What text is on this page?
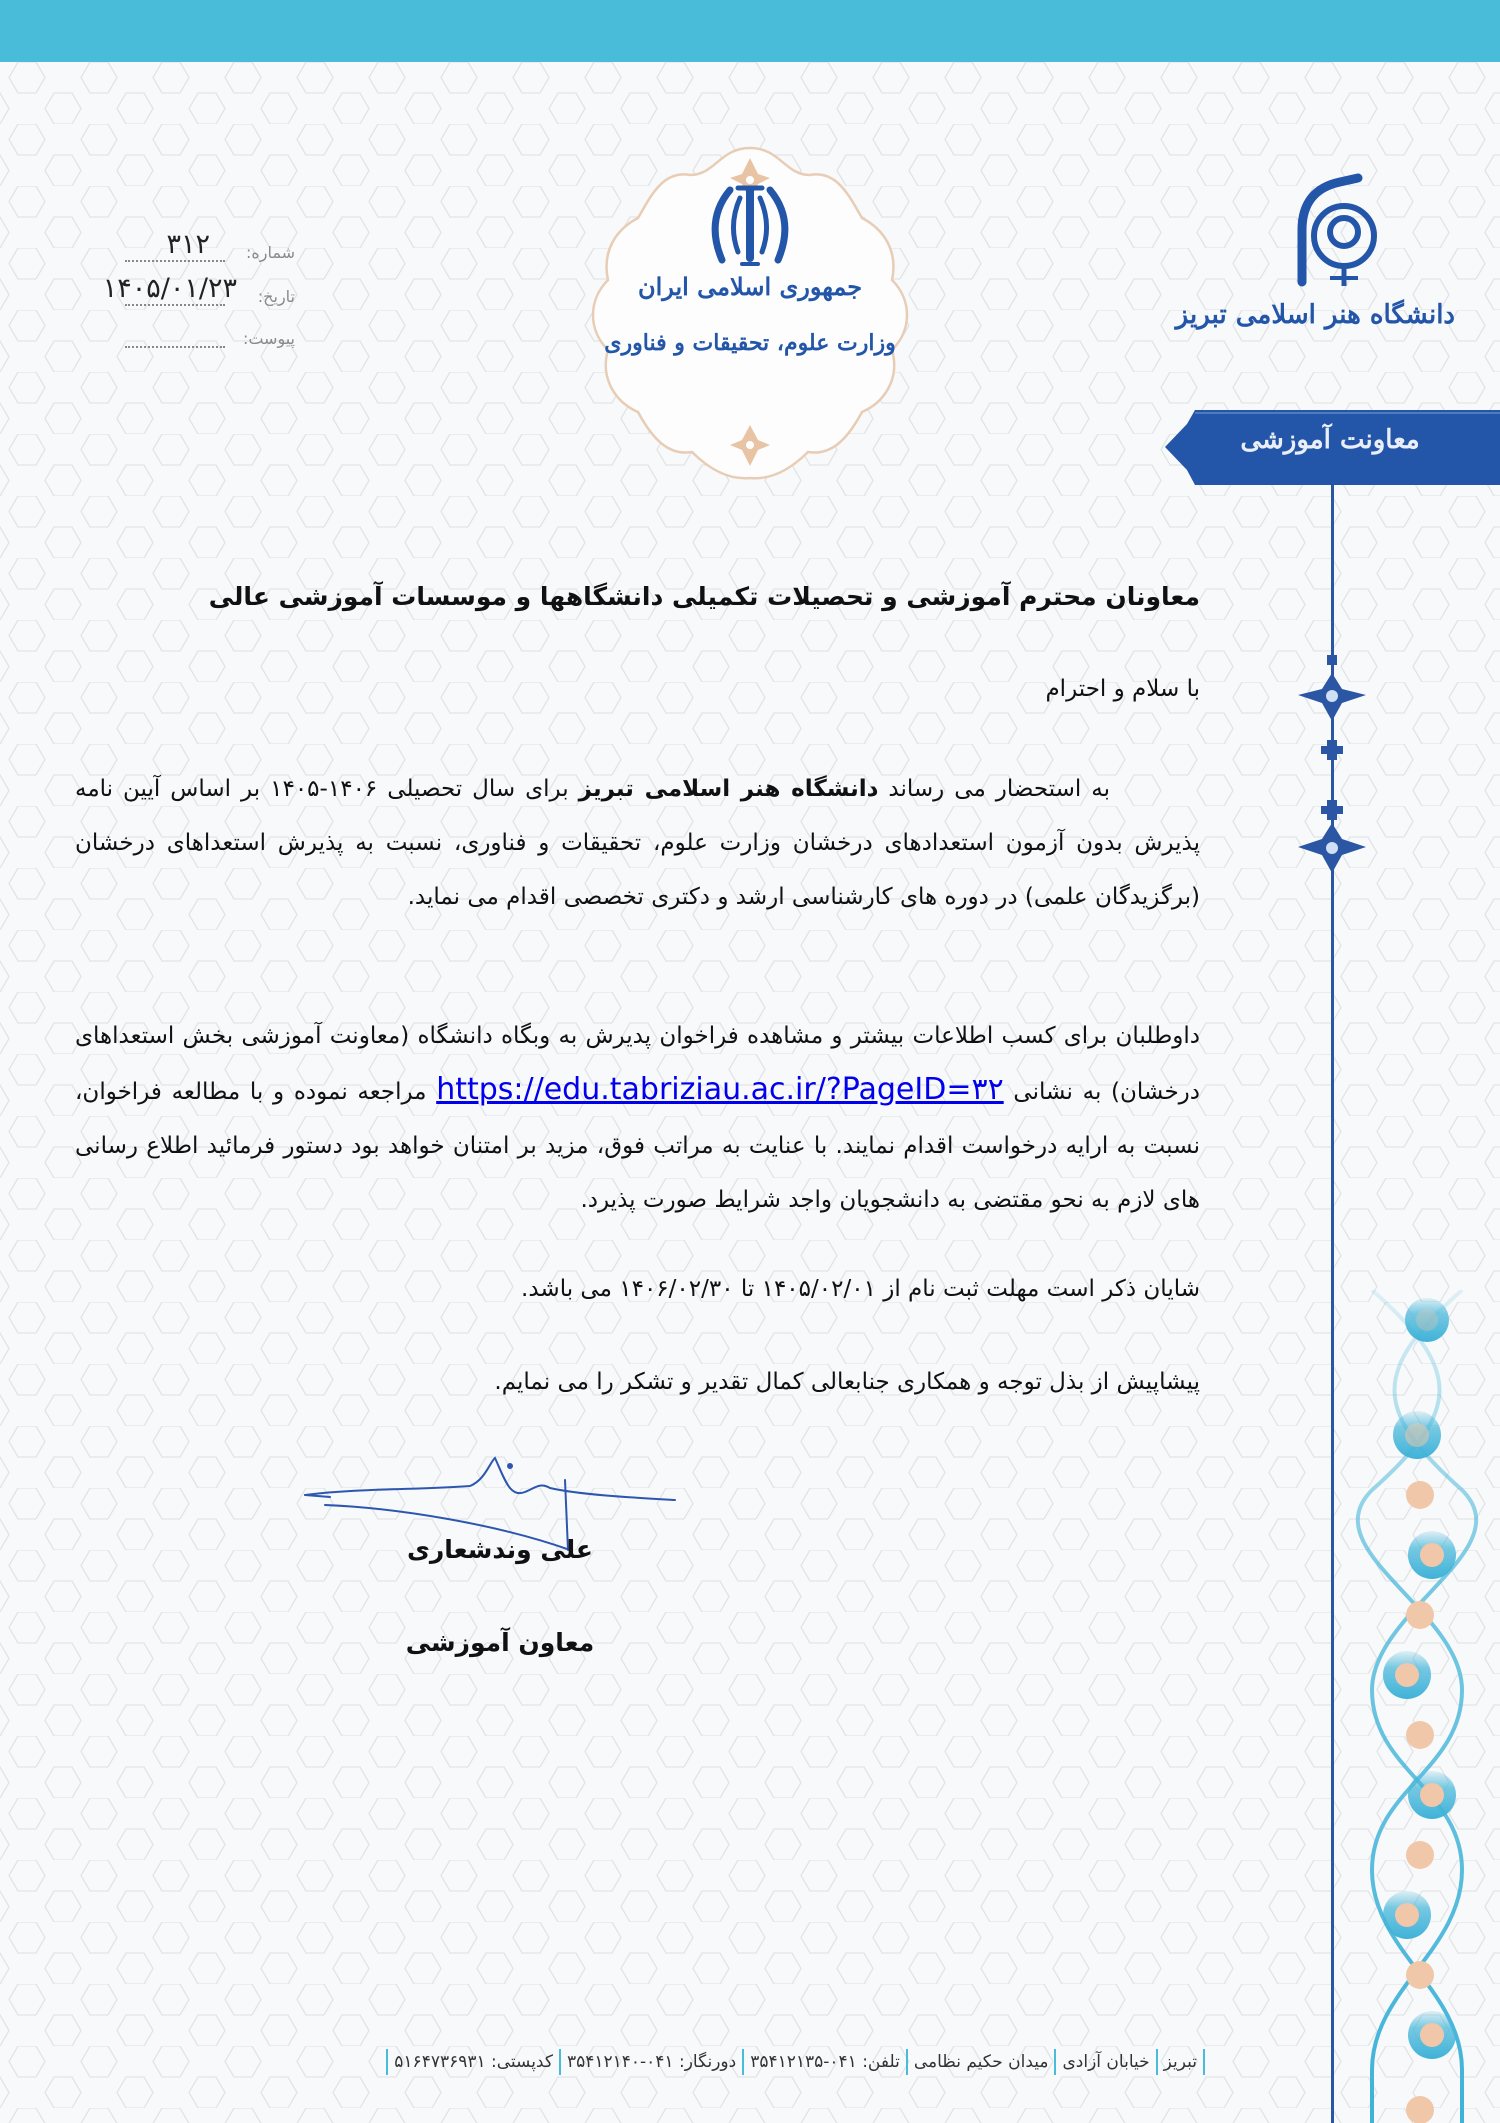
شماره:
۳۱۲
تاریخ:
۱۴۰۵/۰۱/۲۳
پیوست:
جمهوری اسلامی ایران
وزارت علوم، تحقیقات و فناوری
دانشگاه هنر اسلامی تبریز
معاونت آموزشی
معاونان محترم آموزشی و تحصیلات تکمیلی دانشگاهها و موسسات آموزشی عالی
با سلام و احترام
به استحضار می رساند دانشگاه هنر اسلامی تبریز برای سال تحصیلی ۱۴۰۶-۱۴۰۵ بر اساس آیین نامه پذیرش بدون آزمون استعدادهای درخشان وزارت علوم، تحقیقات و فناوری، نسبت به پذیرش استعداهای درخشان (برگزیدگان علمی) در دوره های کارشناسی ارشد و دکتری تخصصی اقدام می نماید.
داوطلبان برای کسب اطلاعات بیشتر و مشاهده فراخوان پدیرش به وبگاه دانشگاه (معاونت آموزشی بخش استعداهای درخشان) به نشانی https://edu.tabriziau.ac.ir/?PageID=۳۲ مراجعه نموده و با مطالعه فراخوان، نسبت به ارایه درخواست اقدام نمایند. با عنایت به مراتب فوق، مزید بر امتنان خواهد بود دستور فرمائید اطلاع رسانی های لازم به نحو مقتضی به دانشجویان واجد شرایط صورت پذیرد.
شایان ذکر است مهلت ثبت نام از ۱۴۰۵/۰۲/۰۱ تا ۱۴۰۶/۰۲/۳۰ می باشد.
پیشاپیش از بذل توجه و همکاری جنابعالی کمال تقدیر و تشکر را می نمایم.
علی وندشعاری
معاون آموزشی
تبریز
خیابان آزادی
میدان حکیم نظامی
تلفن: ۰۴۱-۳۵۴۱۲۱۳۵
دورنگار: ۰۴۱-۳۵۴۱۲۱۴۰
کدپستی: ۵۱۶۴۷۳۶۹۳۱
